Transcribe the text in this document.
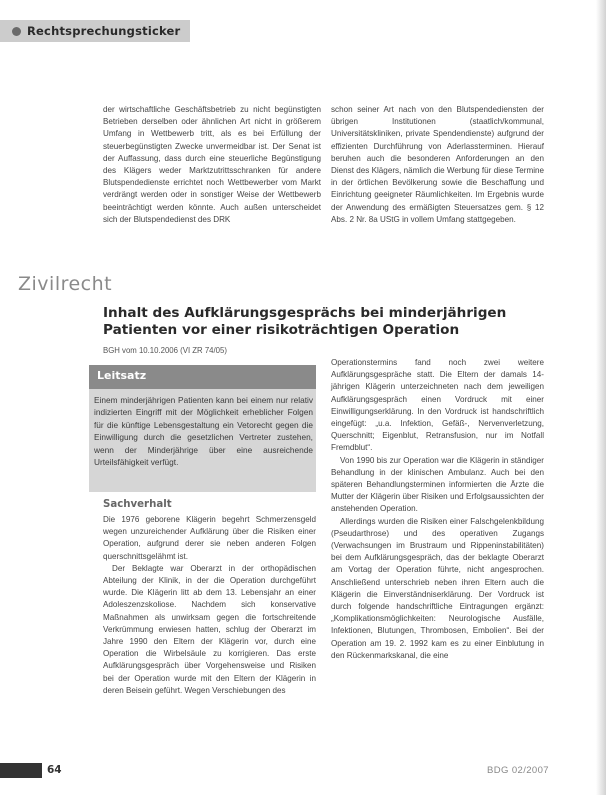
Rechtsprechungsticker

der wirtschaftliche Geschäftsbetrieb zu nicht begünstigten Betrieben derselben oder ähnlichen Art nicht in größerem Umfang in Wettbewerb tritt, als es bei Erfüllung der steuerbegünstigten Zwecke unvermeidbar ist. Der Senat ist der Auffassung, dass durch eine steuerliche Begünstigung des Klägers weder Marktzutrittsschranken für andere Blutspendedienste errichtet noch Wettbewerber vom Markt verdrängt werden oder in sonstiger Weise der Wettbewerb beeinträchtigt werden könnte. Auch außen unterscheidet sich der Blutspendedienst des DRK

schon seiner Art nach von den Blutspendediensten der übrigen Institutionen (staatlich/kommunal, Universitätskliniken, private Spendendienste) aufgrund der effizienten Durchführung von Aderlassterminen. Hierauf beruhen auch die besonderen Anforderungen an den Dienst des Klägers, nämlich die Werbung für diese Termine in der örtlichen Bevölkerung sowie die Beschaffung und Einrichtung geeigneter Räumlichkeiten. Im Ergebnis wurde der Anwendung des ermäßigten Steuersatzes gem. § 12 Abs. 2 Nr. 8a UStG in vollem Umfang stattgegeben.

Zivilrecht
Inhalt des Aufklärungsgesprächs bei minderjährigen Patienten vor einer risikoträchtigen Operation
BGH vom 10.10.2006 (VI ZR 74/05)
Leitsatz
Einem minderjährigen Patienten kann bei einem nur relativ indizierten Eingriff mit der Möglichkeit erheblicher Folgen für die künftige Lebensgestaltung ein Vetorecht gegen die Einwilligung durch die gesetzlichen Vertreter zustehen, wenn der Minderjährige über eine ausreichende Urteilsfähigkeit verfügt.
Sachverhalt

Die 1976 geborene Klägerin begehrt Schmerzensgeld wegen unzureichender Aufklärung über die Risiken einer Operation, aufgrund derer sie neben anderen Folgen querschnittsgelähmt ist.

Der Beklagte war Oberarzt in der orthopädischen Abteilung der Klinik, in der die Operation durchgeführt wurde. Die Klägerin litt ab dem 13. Lebensjahr an einer Adoleszenzskoliose. Nachdem sich konservative Maßnahmen als unwirksam gegen die fortschreitende Verkrümmung erwiesen hatten, schlug der Oberarzt im Jahre 1990 den Eltern der Klägerin vor, durch eine Operation die Wirbelsäule zu korrigieren. Das erste Aufklärungsgespräch über Vorgehensweise und Risiken bei der Operation wurde mit den Eltern der Klägerin in deren Beisein geführt. Wegen Verschiebungen des

Operationstermins fand noch zwei weitere Aufklärungsgespräche statt. Die Eltern der damals 14-jährigen Klägerin unterzeichneten nach dem jeweiligen Aufklärungsgespräch einen Vordruck mit einer Einwilligungserklärung. In den Vordruck ist handschriftlich eingefügt: „u.a. Infektion, Gefäß-, Nervenverletzung, Querschnitt; Eigenblut, Retransfusion, nur im Notfall Fremdblut“.

Von 1990 bis zur Operation war die Klägerin in ständiger Behandlung in der klinischen Ambulanz. Auch bei den späteren Behandlungsterminen informierten die Ärzte die Mutter der Klägerin über Risiken und Erfolgsaussichten der anstehenden Operation.

Allerdings wurden die Risiken einer Falschgelenkbildung (Pseudarthrose) und des operativen Zugangs (Verwachsungen im Brustraum und Rippeninstabilitäten) bei dem Aufklärungsgespräch, das der beklagte Oberarzt am Vortag der Operation führte, nicht angesprochen. Anschließend unterschrieb neben ihren Eltern auch die Klägerin die Einverständniserklärung. Der Vordruck ist durch folgende handschriftliche Eintragungen ergänzt: „Komplikationsmöglichkeiten: Neurologische Ausfälle, Infektionen, Blutungen, Thrombosen, Embolien“. Bei der Operation am 19. 2. 1992 kam es zu einer Einblutung in den Rückenmarkskanal, die eine

64	BDG 02/2007
